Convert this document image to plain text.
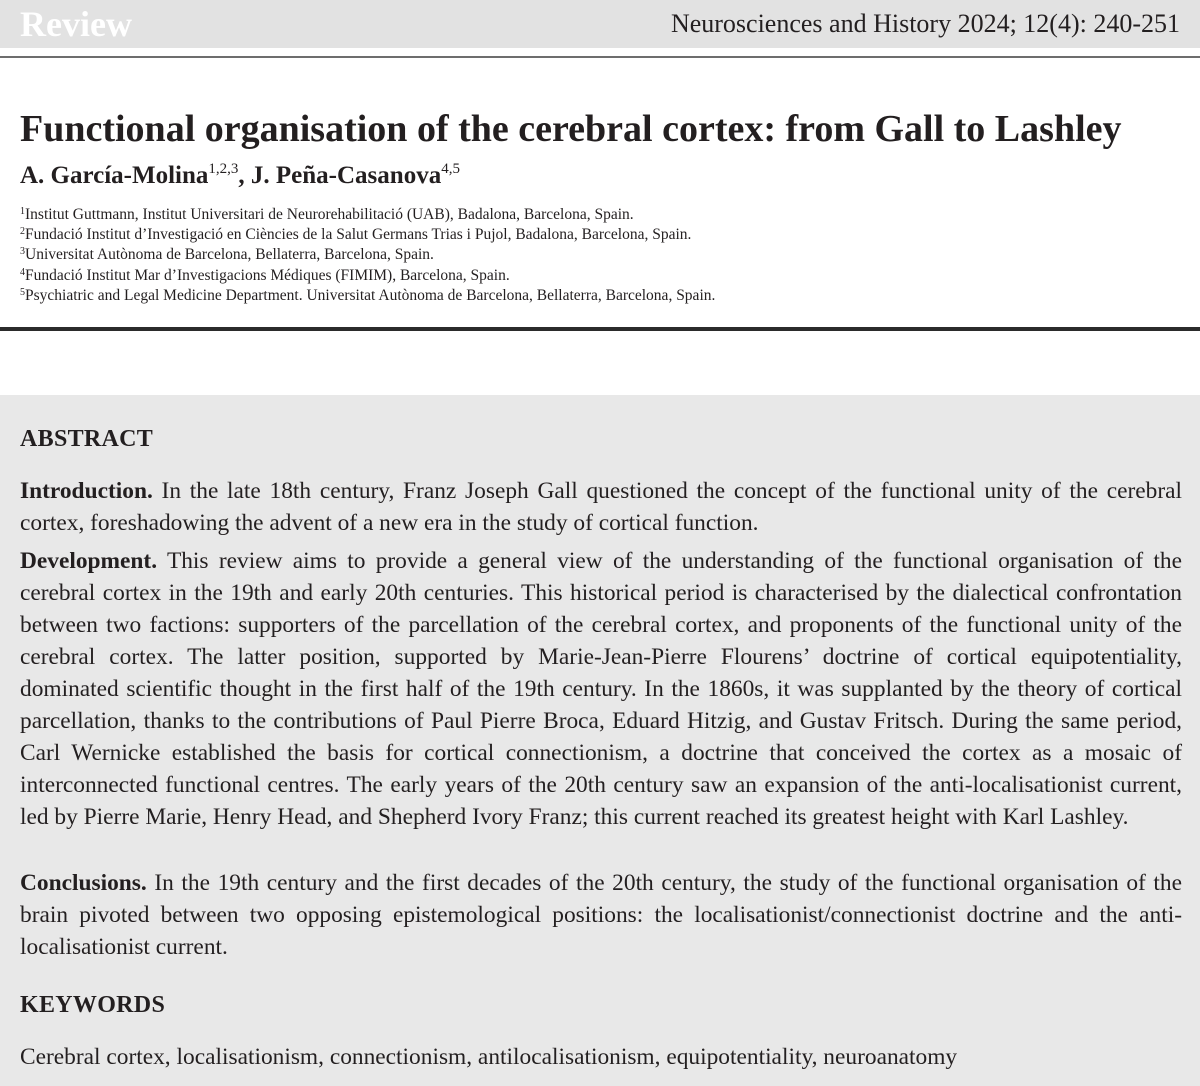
Review	Neurosciences and History 2024; 12(4): 240-251
Functional organisation of the cerebral cortex: from Gall to Lashley
A. García-Molina$^{1,2,3}$, J. Peña-Casanova$^{4,5}$
$^1$Institut Guttmann, Institut Universitari de Neurorehabilitació (UAB), Badalona, Barcelona, Spain.
$^2$Fundació Institut d’Investigació en Ciències de la Salut Germans Trias i Pujol, Badalona, Barcelona, Spain.
$^3$Universitat Autònoma de Barcelona, Bellaterra, Barcelona, Spain.
$^4$Fundació Institut Mar d’Investigacions Médiques (FIMIM), Barcelona, Spain.
$^5$Psychiatric and Legal Medicine Department. Universitat Autònoma de Barcelona, Bellaterra, Barcelona, Spain.
ABSTRACT

Introduction. In the late 18th century, Franz Joseph Gall questioned the concept of the functional unity of the cerebral cortex, foreshadowing the advent of a new era in the study of cortical function.

Development. This review aims to provide a general view of the understanding of the functional organisation of the cerebral cortex in the 19th and early 20th centuries. This historical period is characterised by the dialectical confrontation between two factions: supporters of the parcellation of the cerebral cortex, and proponents of the functional unity of the cerebral cortex. The latter position, supported by Marie-Jean-Pierre Flourens’ doctrine of cortical equipotentiality, dominated scientific thought in the first half of the 19th century. In the 1860s, it was supplanted by the theory of cortical parcellation, thanks to the contributions of Paul Pierre Broca, Eduard Hitzig, and Gustav Fritsch. During the same period, Carl Wernicke established the basis for cortical connectionism, a doctrine that conceived the cortex as a mosaic of interconnected functional centres. The early years of the 20th century saw an expansion of the anti-localisationist current, led by Pierre Marie, Henry Head, and Shepherd Ivory Franz; this current reached its greatest height with Karl Lashley.

Conclusions. In the 19th century and the first decades of the 20th century, the study of the functional organisation of the brain pivoted between two opposing epistemological positions: the localisationist/connectionist doctrine and the anti-localisationist current.

KEYWORDS

Cerebral cortex, localisationism, connectionism, antilocalisationism, equipotentiality, neuroanatomy
